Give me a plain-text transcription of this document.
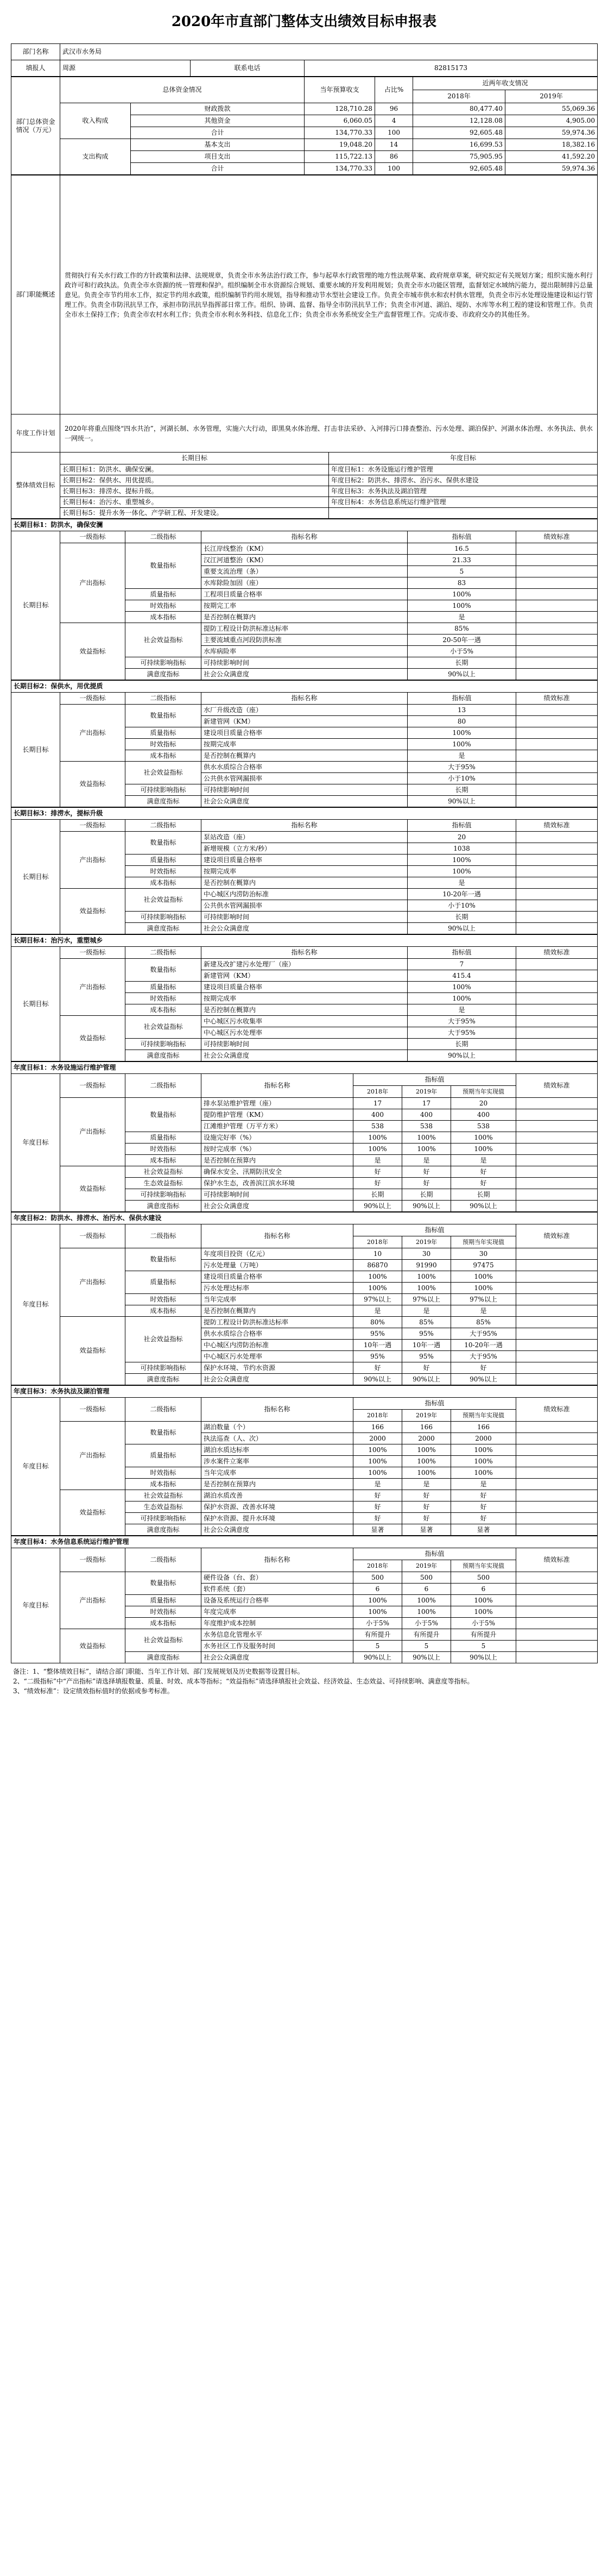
2020年市直部门整体支出绩效目标申报表
部门名称	武汉市水务局		
填报人	周源	联系电话	82815173
部门总体资金情况（万元）	总体资金情况		当年预算收支	占比%	近两年收支情况	
					2018年	2019年
	收入构成	财政拨款	128,710.28	96	80,477.40	55,069.36
		其他资金	6,060.05	4	12,128.08	4,905.00
		合计	134,770.33	100	92,605.48	59,974.36
	支出构成	基本支出	19,048.20	14	16,699.53	18,382.16
		项目支出	115,722.13	86	75,905.95	41,592.20
		合计	134,770.33	100	92,605.48	59,974.36
部门职能概述	贯彻执行有关水行政工作的方针政策和法律、法规规章，负责全市水务法治行政工作，参与起草水行政管理的地方性法规草案、政府规章草案，研究拟定有关规划方案；组织实施水利行政许可和行政执法。负责全市水资源的统一管理和保护。组织编制全市水资源综合规划、重要水域的开发利用规划；负责全市水功能区管理，监督划定水域纳污能力，提出限制排污总量意见。负责全市节约用水工作，拟定节约用水政策，组织编制节约用水规划，指导和推动节水型社会建设工作。负责全市城市供水和农村供水管理，负责全市污水处理设施建设和运行管理工作。负责全市防汛抗旱工作，承担市防汛抗旱指挥部日常工作。组织、协调、监督、指导全市防汛抗旱工作；负责全市河道、湖泊、堤防、水库等水利工程的建设和管理工作。负责全市水土保持工作；负责全市农村水利工作；负责全市水利水务科技、信息化工作；负责全市水务系统安全生产监督管理工作。完成市委、市政府交办的其他任务。	
年度工作计划	2020年将重点围绕“四水共治”，河湖长制、水务管理，实施六大行动，即黑臭水体治理、打击非法采砂、入河排污口排查整治、污水处理、湖泊保护、河湖水体治理、水务执法、供水一网统一。	
整体绩效目标	长期目标	年度目标
	长期目标1：防洪水、确保安澜。	年度目标1：水务设施运行维护管理
	长期目标2：保供水、用优提质。	年度目标2：防洪水、排涝水、治污水、保供水建设
	长期目标3：排涝水、提标升级。	年度目标3：水务执法及湖泊管理
	长期目标4：治污水、重塑城乡。	年度目标4：水务信息系统运行维护管理
	长期目标5：提升水务一体化、产学研工程、开发建设。	
长期目标1：防洪水，确保安澜					
长期目标	一级指标	二级指标	指标名称	指标值	绩效标准
	产出指标	数量指标	长江岸线整治（KM）	16.5	
			汉江河道整治（KM）	21.33	
			重要支流治理（条）	5	
			水库除险加固（座）	83	
		质量指标	工程项目质量合格率	100%	
		时效指标	按期完工率	100%	
		成本指标	是否控制在概算内	是	
	效益指标	社会效益指标	提防工程设计防洪标准达标率	85%	
			主要流域重点河段防洪标准	20-50年一遇	
			水库病险率	小于5%	
		可持续影响指标	可持续影响时间	长期	
		满意度指标	社会公众满意度	90%以上	
长期目标2：保供水，用优提质					
长期目标	一级指标	二级指标	指标名称	指标值	绩效标准
	产出指标	数量指标	水厂升级改造（座）	13	
			新建管网（KM）	80	
		质量指标	建设项目质量合格率	100%	
		时效指标	按期完成率	100%	
		成本指标	是否控制在概算内	是	
	效益指标	社会效益指标	供水水质综合合格率	大于95%	
			公共供水管网漏损率	小于10%	
		可持续影响指标	可持续影响时间	长期	
		满意度指标	社会公众满意度	90%以上	
长期目标3：排涝水，提标升级					
长期目标	一级指标	二级指标	指标名称	指标值	绩效标准
	产出指标	数量指标	泵站改造（座）	20	
			新增规模（立方米/秒）	1038	
		质量指标	建设项目质量合格率	100%	
		时效指标	按期完成率	100%	
		成本指标	是否控制在概算内	是	
	效益指标	社会效益指标	中心城区内涝防治标准	10-20年一遇	
			公共供水管网漏损率	小于10%	
		可持续影响指标	可持续影响时间	长期	
		满意度指标	社会公众满意度	90%以上	
长期目标4：治污水，重塑城乡					
长期目标	一级指标	二级指标	指标名称	指标值	绩效标准
	产出指标	数量指标	新建及改扩建污水处理厂（座）	7	
			新建管网（KM）	415.4	
		质量指标	建设项目质量合格率	100%	
		时效指标	按期完成率	100%	
		成本指标	是否控制在概算内	是	
	效益指标	社会效益指标	中心城区污水收集率	大于95%	
			中心城区污水处理率	大于95%	
		可持续影响指标	可持续影响时间	长期	
		满意度指标	社会公众满意度	90%以上	
年度目标1：水务设施运行维护管理							
年度目标	一级指标	二级指标	指标名称	指标值			绩效标准
				2018年	2019年	预期当年实现值	
	产出指标	数量指标	排水泵站维护管理（座）	17	17	20	
			提防维护管理（KM）	400	400	400	
			江滩维护管理（万平方米）	538	538	538	
		质量指标	设施完好率（%）	100%	100%	100%	
		时效指标	按时完成率（%）	100%	100%	100%	
		成本指标	是否控制在预算内	是	是	是	
	效益指标	社会效益指标	确保水安全、汛期防汛安全	好	好	好	
		生态效益指标	保护水生态，改善滨江滨水环境	好	好	好	
		可持续影响指标	可持续影响时间	长期	长期	长期	
		满意度指标	社会公众满意度	90%以上	90%以上	90%以上	
年度目标2：防洪水、排涝水、治污水、保供水建设							
年度目标	一级指标	二级指标	指标名称	指标值			绩效标准
				2018年	2019年	预期当年实现值	
	产出指标	数量指标	年度项目投资（亿元）	10	30	30	
			污水处理量（万吨）	86870	91990	97475	
		质量指标	建设项目质量合格率	100%	100%	100%	
			污水处理达标率	100%	100%	100%	
		时效指标	当年完成率	97%以上	97%以上	97%以上	
		成本指标	是否控制在概算内	是	是	是	
	效益指标	社会效益指标	提防工程设计防洪标准达标率	80%	85%	85%	
			供水水质综合合格率	95%	95%	大于95%	
			中心城区内涝防治标准	10年一遇	10年一遇	10-20年一遇	
			中心城区污水处理率	95%	95%	大于95%	
		可持续影响指标	保护水环境、节约水资源	好	好	好	
		满意度指标	社会公众满意度	90%以上	90%以上	90%以上	
年度目标3：水务执法及湖泊管理							
年度目标	一级指标	二级指标	指标名称	指标值			绩效标准
				2018年	2019年	预期当年实现值	
	产出指标	数量指标	湖泊数量（个）	166	166	166	
			执法巡查（人、次）	2000	2000	2000	
		质量指标	湖泊水质达标率	100%	100%	100%	
			涉水案件立案率	100%	100%	100%	
		时效指标	当年完成率	100%	100%	100%	
		成本指标	是否控制在预算内	是	是	是	
	效益指标	社会效益指标	湖泊水质改善	好	好	好	
		生态效益指标	保护水资源、改善水环境	好	好	好	
		可持续影响指标	保护水资源、提升水环境	好	好	好	
		满意度指标	社会公众满意度	显著	显著	显著	
年度目标4：水务信息系统运行维护管理							
年度目标	一级指标	二级指标	指标名称	指标值			绩效标准
				2018年	2019年	预期当年实现值	
	产出指标	数量指标	硬件设备（台、套）	500	500	500	
			软件系统（套）	6	6	6	
		质量指标	设备及系统运行合格率	100%	100%	100%	
		时效指标	年度完成率	100%	100%	100%	
		成本指标	年度维护成本控制	小于5%	小于5%	小于5%	
	效益指标	社会效益指标	水务信息化管理水平	有所提升	有所提升	有所提升	
			水务社区工作及服务时间	5	5	5	
		满意度指标	社会公众满意度	90%以上	90%以上	90%以上	
备注：1、“整体绩效目标”，请结合部门职能、当年工作计划、部门发展规划及历史数据等设置目标。
2、“二级指标”中“产出指标”请选择填报数量、质量、时效、成本等指标；“效益指标”请选择填报社会效益、经济效益、生态效益、可持续影响、满意度等指标。
3、“绩效标准”：设定绩效指标值时的依据或参考标准。
